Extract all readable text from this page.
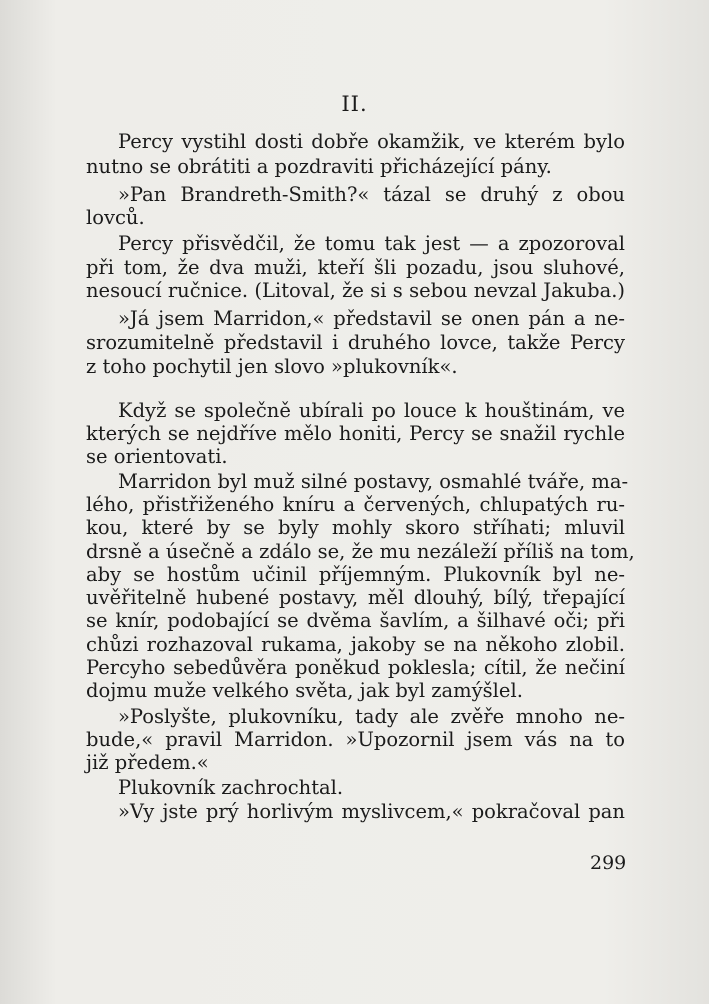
II.
Percy vystihl dosti dobře okamžik, ve kterém bylo
nutno se obrátiti a pozdraviti přicházející pány.
»Pan Brandreth-Smith?« tázal se druhý z obou
lovců.
Percy přisvědčil, že tomu tak jest — a zpozoroval
při tom, že dva muži, kteří šli pozadu, jsou sluhové,
nesoucí ručnice. (Litoval, že si s sebou nevzal Jakuba.)
»Já jsem Marridon,« představil se onen pán a ne-
srozumitelně představil i druhého lovce, takže Percy
z toho pochytil jen slovo »plukovník«.
Když se společně ubírali po louce k houštinám, ve
kterých se nejdříve mělo honiti, Percy se snažil rychle
se orientovati.
Marridon byl muž silné postavy, osmahlé tváře, ma-
lého, přistřiženého kníru a červených, chlupatých ru-
kou, které by se byly mohly skoro stříhati; mluvil
drsně a úsečně a zdálo se, že mu nezáleží příliš na tom,
aby se hostům učinil příjemným. Plukovník byl ne-
uvěřitelně hubené postavy, měl dlouhý, bílý, třepající
se knír, podobající se dvěma šavlím, a šilhavé oči; při
chůzi rozhazoval rukama, jakoby se na někoho zlobil.
Percyho sebedůvěra poněkud poklesla; cítil, že nečiní
dojmu muže velkého světa, jak byl zamýšlel.
»Poslyšte, plukovníku, tady ale zvěře mnoho ne-
bude,« pravil Marridon. »Upozornil jsem vás na to
již předem.«
Plukovník zachrochtal.
»Vy jste prý horlivým myslivcem,« pokračoval pan
299
